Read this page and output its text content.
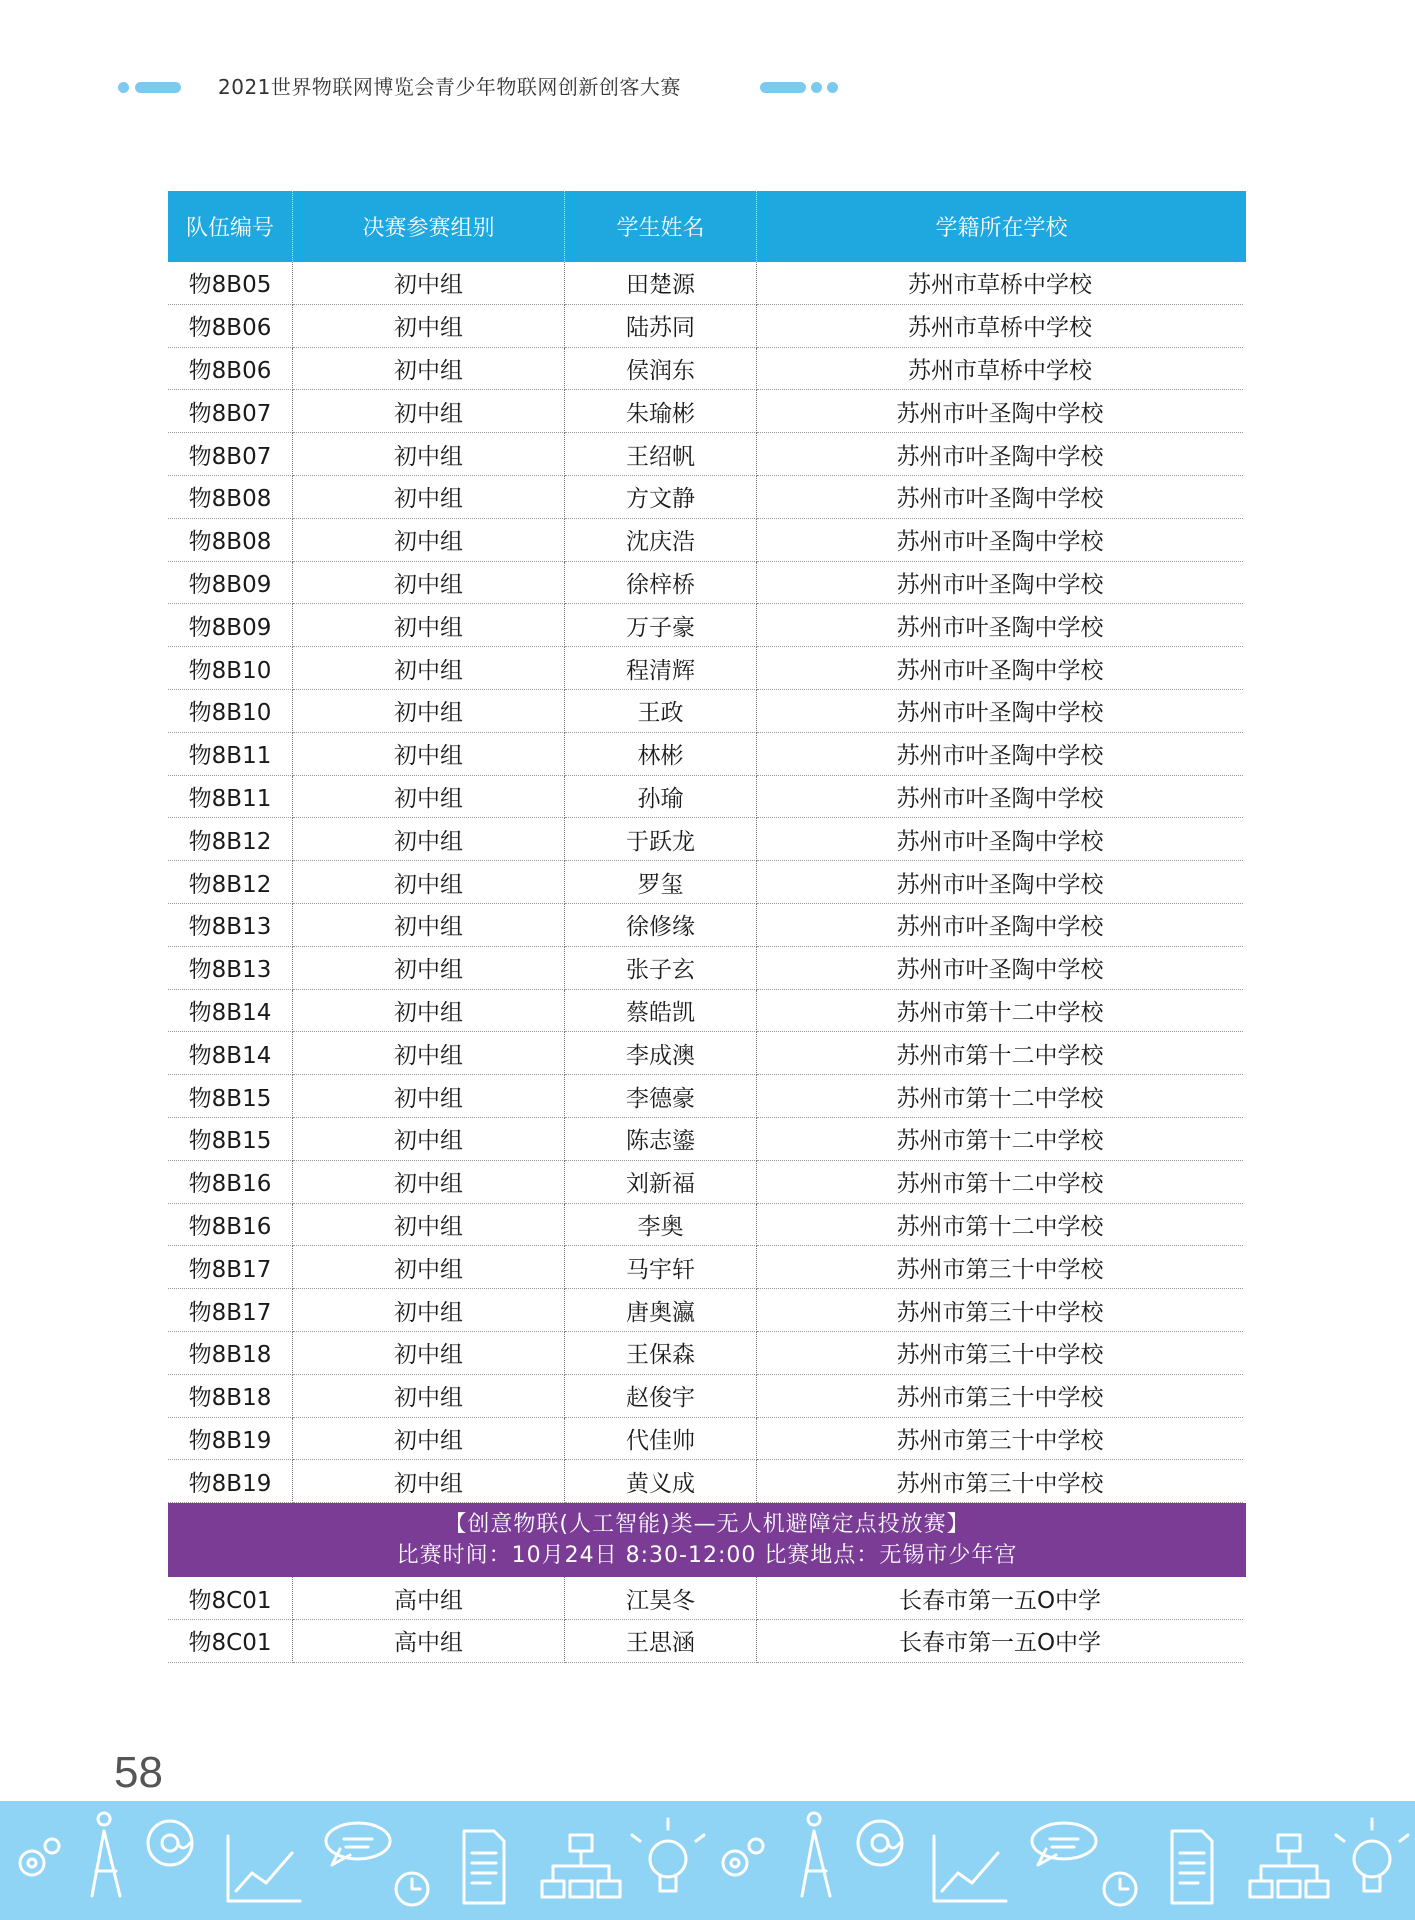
2021世界物联网博览会青少年物联网创新创客大赛
队伍编号	决赛参赛组别	学生姓名	学籍所在学校
物8B05	初中组	田楚源	苏州市草桥中学校
物8B06	初中组	陆苏同	苏州市草桥中学校
物8B06	初中组	侯润东	苏州市草桥中学校
物8B07	初中组	朱瑜彬	苏州市叶圣陶中学校
物8B07	初中组	王绍帆	苏州市叶圣陶中学校
物8B08	初中组	方文静	苏州市叶圣陶中学校
物8B08	初中组	沈庆浩	苏州市叶圣陶中学校
物8B09	初中组	徐梓桥	苏州市叶圣陶中学校
物8B09	初中组	万子豪	苏州市叶圣陶中学校
物8B10	初中组	程清辉	苏州市叶圣陶中学校
物8B10	初中组	王政	苏州市叶圣陶中学校
物8B11	初中组	林彬	苏州市叶圣陶中学校
物8B11	初中组	孙瑜	苏州市叶圣陶中学校
物8B12	初中组	于跃龙	苏州市叶圣陶中学校
物8B12	初中组	罗玺	苏州市叶圣陶中学校
物8B13	初中组	徐修缘	苏州市叶圣陶中学校
物8B13	初中组	张子玄	苏州市叶圣陶中学校
物8B14	初中组	蔡皓凯	苏州市第十二中学校
物8B14	初中组	李成澳	苏州市第十二中学校
物8B15	初中组	李德豪	苏州市第十二中学校
物8B15	初中组	陈志鎏	苏州市第十二中学校
物8B16	初中组	刘新福	苏州市第十二中学校
物8B16	初中组	李奥	苏州市第十二中学校
物8B17	初中组	马宇轩	苏州市第三十中学校
物8B17	初中组	唐奥瀛	苏州市第三十中学校
物8B18	初中组	王保森	苏州市第三十中学校
物8B18	初中组	赵俊宇	苏州市第三十中学校
物8B19	初中组	代佳帅	苏州市第三十中学校
物8B19	初中组	黄义成	苏州市第三十中学校
【创意物联(人工智能)类—无人机避障定点投放赛】
比赛时间：10月24日 8:30-12:00 比赛地点：无锡市少年宫
物8C01	高中组	江昊冬	长春市第一五O中学
物8C01	高中组	王思涵	长春市第一五O中学
58
